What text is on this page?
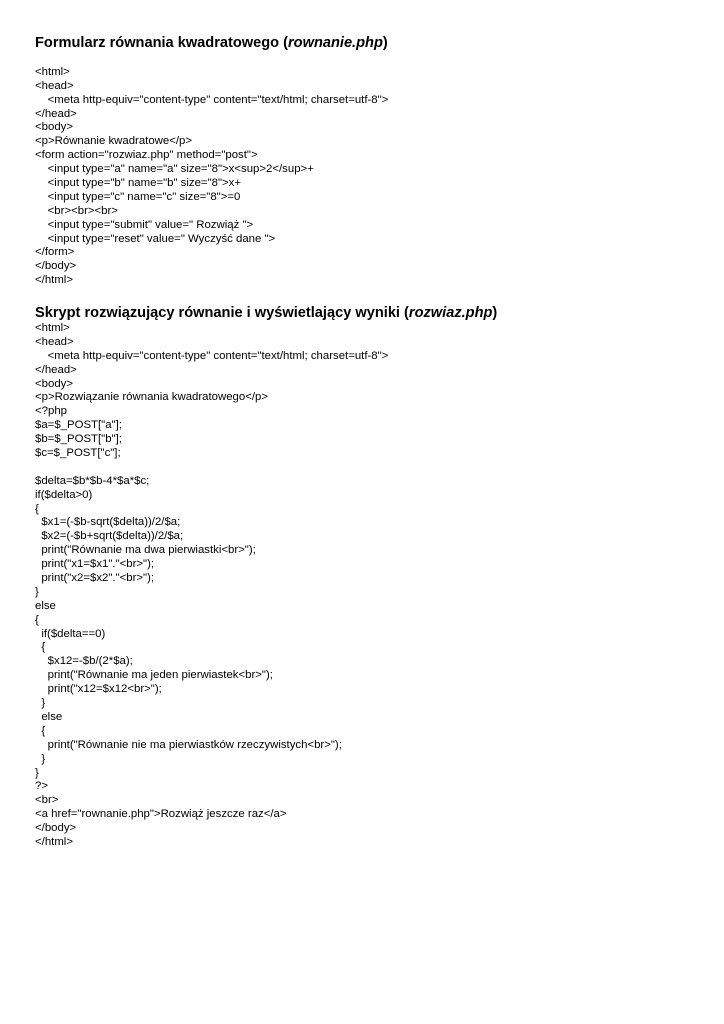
Formularz równania kwadratowego (rownanie.php)
<html>
<head>
<meta http-equiv="content-type" content="text/html; charset=utf-8">
</head>
<body>
<p>Równanie kwadratowe</p>
<form action="rozwiaz.php" method="post">
<input type="a" name="a" size="8">x<sup>2</sup>+
<input type="b" name="b" size="8">x+
<input type="c" name="c" size="8">=0
<br><br><br>
<input type="submit" value=" Rozwiąż ">
<input type="reset" value=" Wyczyść dane ">
</form>
</body>
</html>
Skrypt rozwiązujący równanie i wyświetlający wyniki (rozwiaz.php)
<html>
<head>
<meta http-equiv="content-type" content="text/html; charset=utf-8">
</head>
<body>
<p>Rozwiązanie równania kwadratowego</p>
<?php
$a=$_POST["a"];
$b=$_POST["b"];
$c=$_POST["c"];
$delta=$b*$b-4*$a*$c;
if($delta>0)
{
$x1=(-$b-sqrt($delta))/2/$a;
$x2=(-$b+sqrt($delta))/2/$a;
print("Równanie ma dwa pierwiastki<br>");
print("x1=$x1"."<br>");
print("x2=$x2"."<br>");
}
else
{
if($delta==0)
{
$x12=-$b/(2*$a);
print("Równanie ma jeden pierwiastek<br>");
print("x12=$x12<br>");
}
else
{
print("Równanie nie ma pierwiastków rzeczywistych<br>");
}
}
?>
<br>
<a href="rownanie.php">Rozwiąż jeszcze raz</a>
</body>
</html>
